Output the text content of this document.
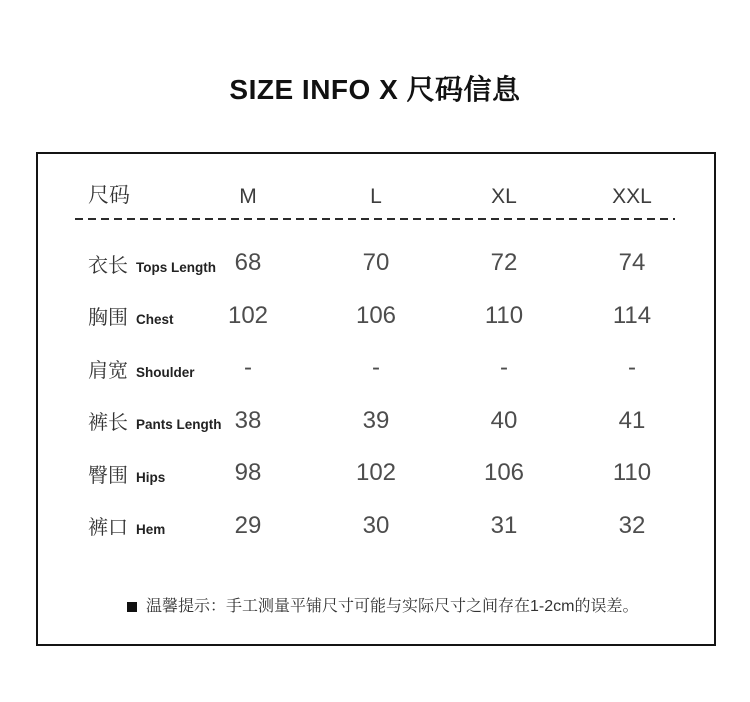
SIZE INFO X 尺码信息
尺码	M	L	XL	XXL
衣长 Tops Length 68	70	72	74
胸围 Chest	102	106	110	114
肩宽 Shoulder	-	-	-	-
裤长 Pants Length 38	39	40	41
臀围 Hips	98	102	106	110
裤口 Hem	29	30	31	32
温馨提示：手工测量平铺尺寸可能与实际尺寸之间存在1-2cm的误差。
